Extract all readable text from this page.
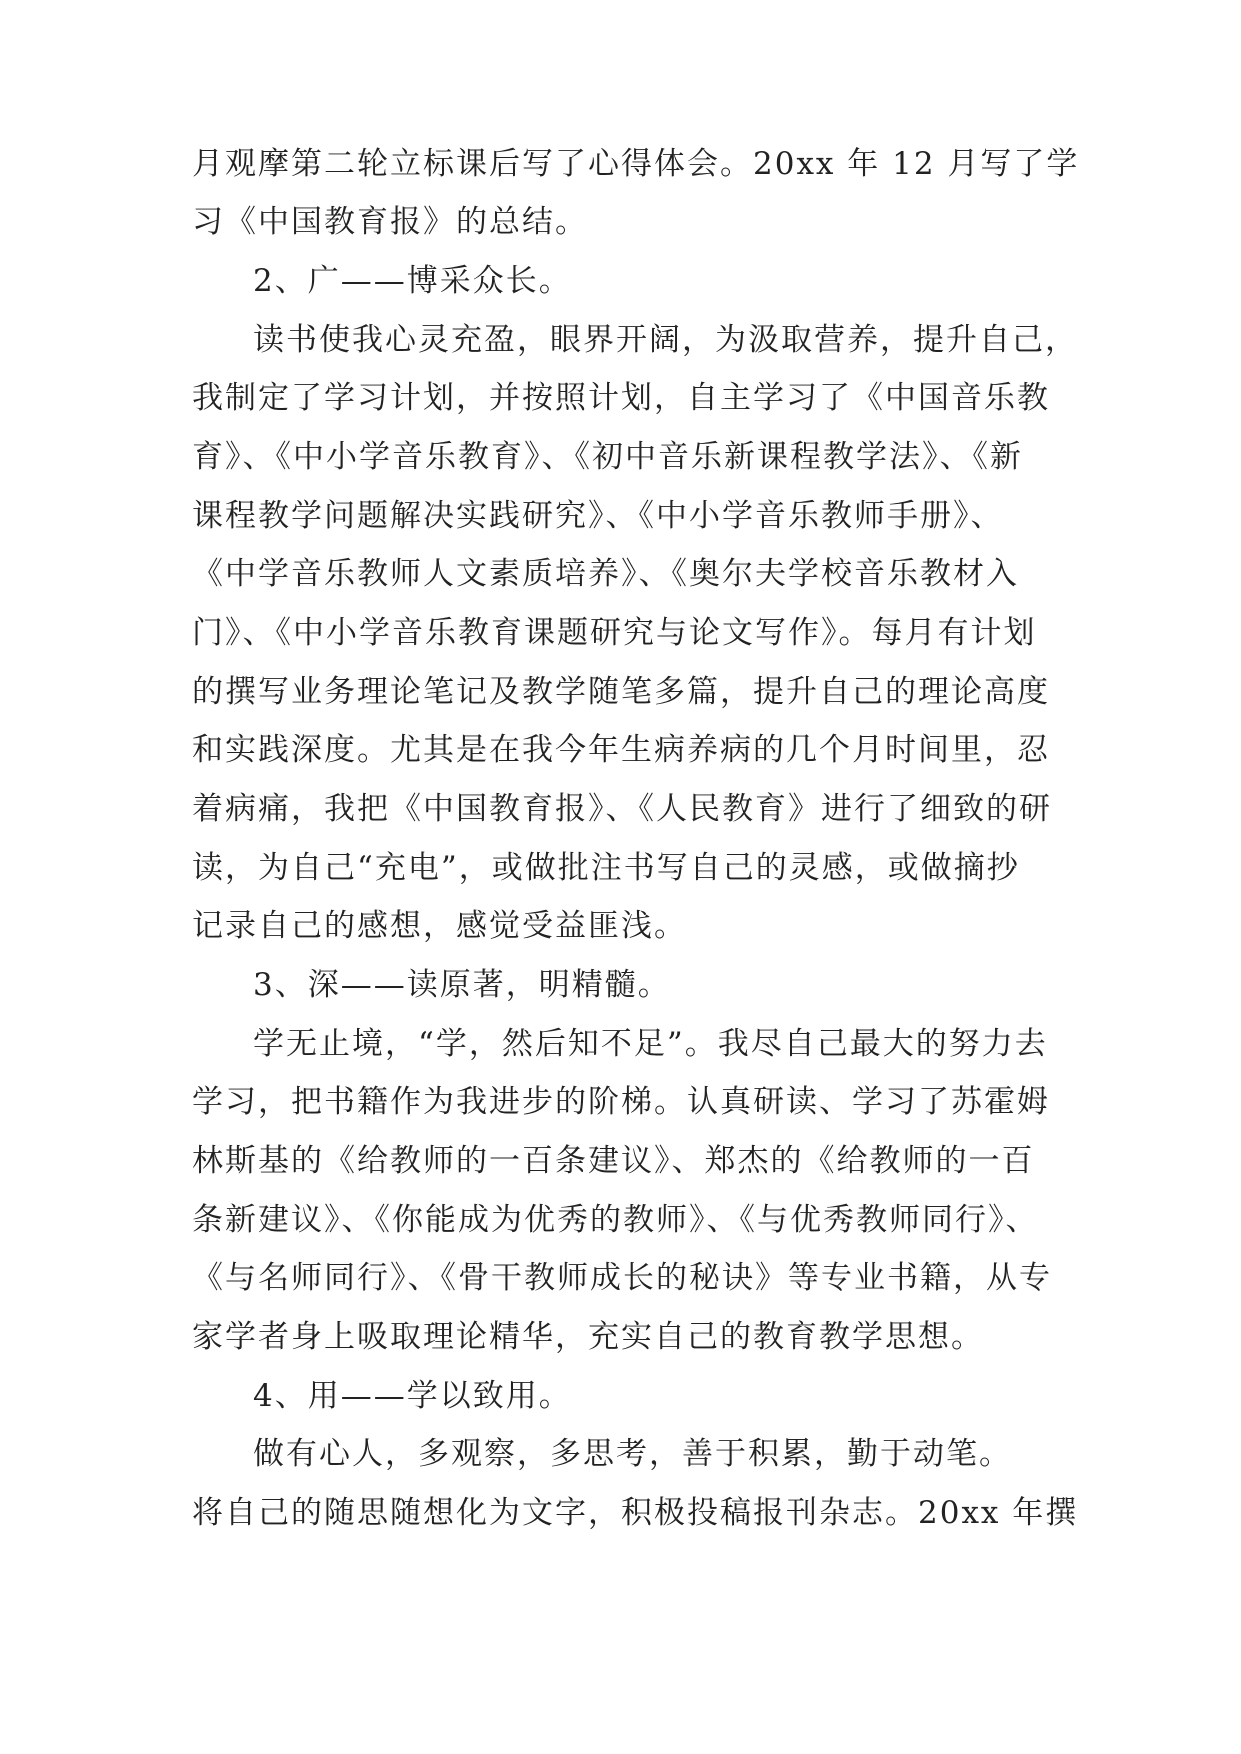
月观摩第二轮立标课后写了心得体会。20xx 年 12 月写了学
习《中国教育报》的总结。
2、广——博采众长。
读书使我心灵充盈，眼界开阔，为汲取营养，提升自己，
我制定了学习计划，并按照计划，自主学习了《中国音乐教
育》、《中小学音乐教育》、《初中音乐新课程教学法》、《新
课程教学问题解决实践研究》、《中小学音乐教师手册》、
《中学音乐教师人文素质培养》、《奥尔夫学校音乐教材入
门》、《中小学音乐教育课题研究与论文写作》。每月有计划
的撰写业务理论笔记及教学随笔多篇，提升自己的理论高度
和实践深度。尤其是在我今年生病养病的几个月时间里，忍
着病痛，我把《中国教育报》、《人民教育》进行了细致的研
读，为自己“充电”，或做批注书写自己的灵感，或做摘抄
记录自己的感想，感觉受益匪浅。
3、深——读原著，明精髓。
学无止境，“学，然后知不足”。我尽自己最大的努力去
学习，把书籍作为我进步的阶梯。认真研读、学习了苏霍姆
林斯基的《给教师的一百条建议》、郑杰的《给教师的一百
条新建议》、《你能成为优秀的教师》、《与优秀教师同行》、
《与名师同行》、《骨干教师成长的秘诀》等专业书籍，从专
家学者身上吸取理论精华，充实自己的教育教学思想。
4、用——学以致用。
做有心人，多观察，多思考，善于积累，勤于动笔。
将自己的随思随想化为文字，积极投稿报刊杂志。20xx 年撰
